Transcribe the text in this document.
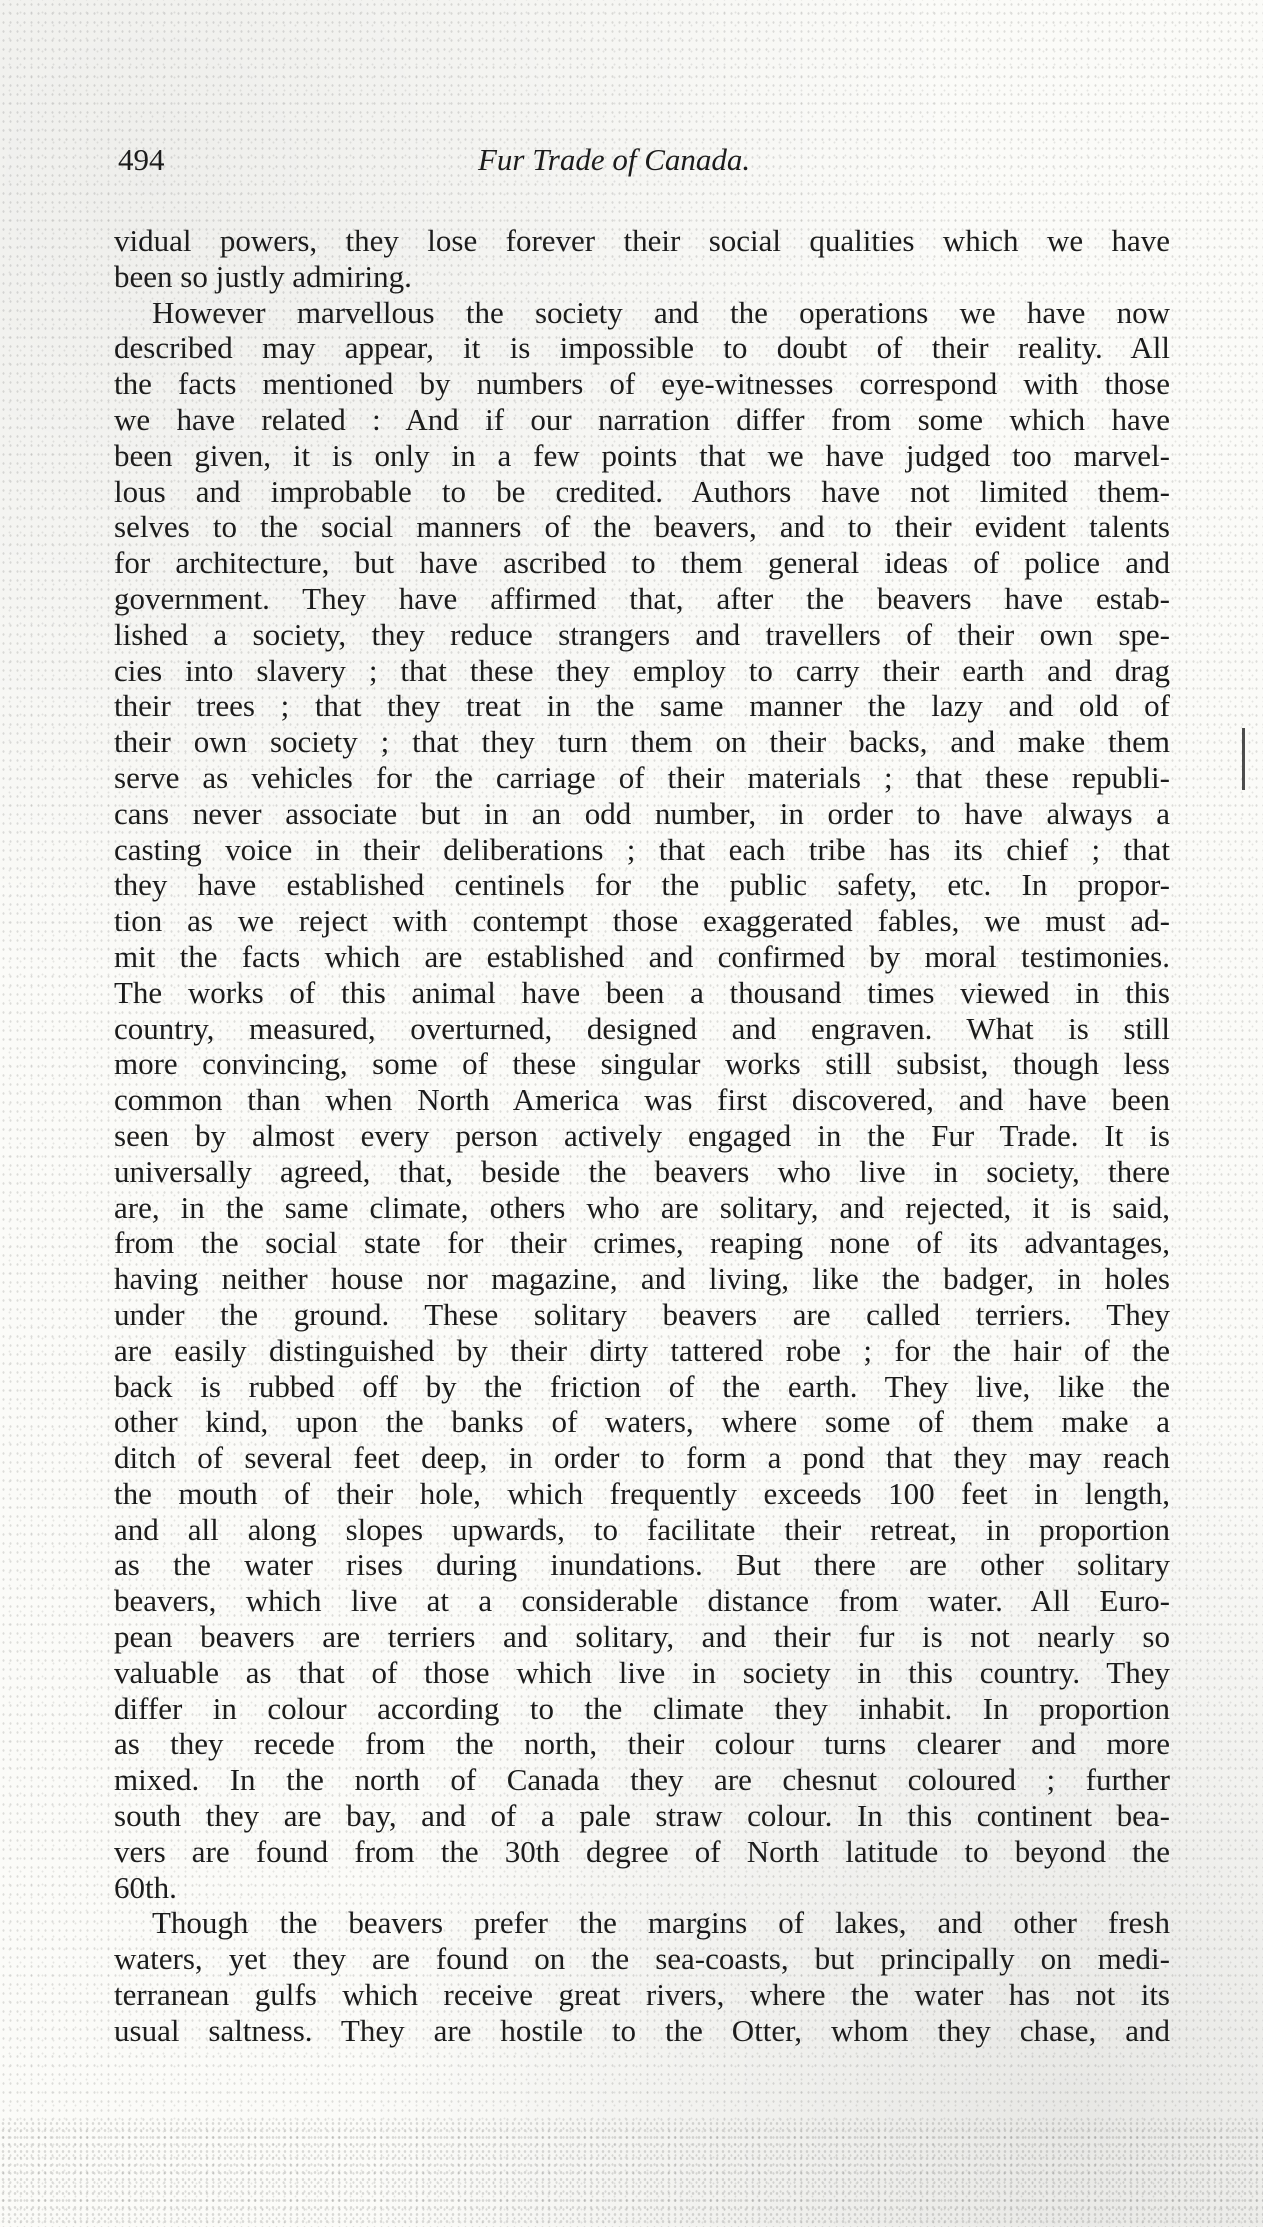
494	Fur Trade of Canada.
vidual powers, they lose forever their social qualities which we have
been so justly admiring.
However marvellous the society and the operations we have now
described may appear, it is impossible to doubt of their reality. All
the facts mentioned by numbers of eye-witnesses correspond with those
we have related : And if our narration differ from some which have
been given, it is only in a few points that we have judged too marvel-
lous and improbable to be credited. Authors have not limited them-
selves to the social manners of the beavers, and to their evident talents
for architecture, but have ascribed to them general ideas of police and
government. They have affirmed that, after the beavers have estab-
lished a society, they reduce strangers and travellers of their own spe-
cies into slavery ; that these they employ to carry their earth and drag
their trees ; that they treat in the same manner the lazy and old of
their own society ; that they turn them on their backs, and make them
serve as vehicles for the carriage of their materials ; that these republi-
cans never associate but in an odd number, in order to have always a
casting voice in their deliberations ; that each tribe has its chief ; that
they have established centinels for the public safety, etc. In propor-
tion as we reject with contempt those exaggerated fables, we must ad-
mit the facts which are established and confirmed by moral testimonies.
The works of this animal have been a thousand times viewed in this
country, measured, overturned, designed and engraven. What is still
more convincing, some of these singular works still subsist, though less
common than when North America was first discovered, and have been
seen by almost every person actively engaged in the Fur Trade. It is
universally agreed, that, beside the beavers who live in society, there
are, in the same climate, others who are solitary, and rejected, it is said,
from the social state for their crimes, reaping none of its advantages,
having neither house nor magazine, and living, like the badger, in holes
under the ground. These solitary beavers are called terriers. They
are easily distinguished by their dirty tattered robe ; for the hair of the
back is rubbed off by the friction of the earth. They live, like the
other kind, upon the banks of waters, where some of them make a
ditch of several feet deep, in order to form a pond that they may reach
the mouth of their hole, which frequently exceeds 100 feet in length,
and all along slopes upwards, to facilitate their retreat, in proportion
as the water rises during inundations. But there are other solitary
beavers, which live at a considerable distance from water. All Euro-
pean beavers are terriers and solitary, and their fur is not nearly so
valuable as that of those which live in society in this country. They
differ in colour according to the climate they inhabit. In proportion
as they recede from the north, their colour turns clearer and more
mixed. In the north of Canada they are chesnut coloured ; further
south they are bay, and of a pale straw colour. In this continent bea-
vers are found from the 30th degree of North latitude to beyond the
60th.
Though the beavers prefer the margins of lakes, and other fresh
waters, yet they are found on the sea-coasts, but principally on medi-
terranean gulfs which receive great rivers, where the water has not its
usual saltness. They are hostile to the Otter, whom they chase, and
